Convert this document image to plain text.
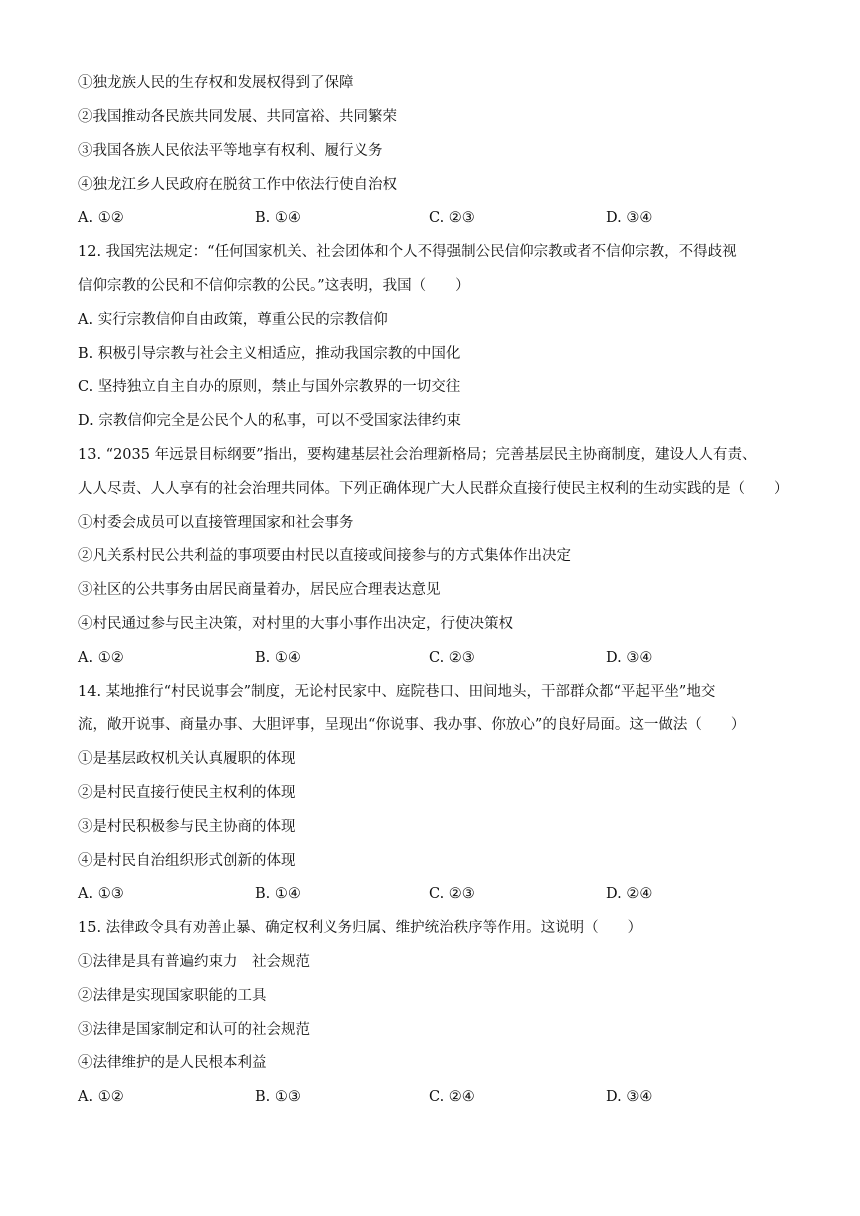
①独龙族人民的生存权和发展权得到了保障
②我国推动各民族共同发展、共同富裕、共同繁荣
③我国各族人民依法平等地享有权利、履行义务
④独龙江乡人民政府在脱贫工作中依法行使自治权
A. ①②	B. ①④	C. ②③	D. ③④
12. 我国宪法规定：“任何国家机关、社会团体和个人不得强制公民信仰宗教或者不信仰宗教，不得歧视
信仰宗教的公民和不信仰宗教的公民。”这表明，我国（　　）
A. 实行宗教信仰自由政策，尊重公民的宗教信仰
B. 积极引导宗教与社会主义相适应，推动我国宗教的中国化
C. 坚持独立自主自办的原则，禁止与国外宗教界的一切交往
D. 宗教信仰完全是公民个人的私事，可以不受国家法律约束
13. “2035 年远景目标纲要”指出，要构建基层社会治理新格局；完善基层民主协商制度，建设人人有责、
人人尽责、人人享有的社会治理共同体。下列正确体现广大人民群众直接行使民主权利的生动实践的是（　　）
①村委会成员可以直接管理国家和社会事务
②凡关系村民公共利益的事项要由村民以直接或间接参与的方式集体作出决定
③社区的公共事务由居民商量着办，居民应合理表达意见
④村民通过参与民主决策，对村里的大事小事作出决定，行使决策权
A. ①②	B. ①④	C. ②③	D. ③④
14. 某地推行“村民说事会”制度，无论村民家中、庭院巷口、田间地头，干部群众都“平起平坐”地交
流，敞开说事、商量办事、大胆评事，呈现出“你说事、我办事、你放心”的良好局面。这一做法（　　）
①是基层政权机关认真履职的体现
②是村民直接行使民主权利的体现
③是村民积极参与民主协商的体现
④是村民自治组织形式创新的体现
A. ①③	B. ①④	C. ②③	D. ②④
15. 法律政令具有劝善止暴、确定权利义务归属、维护统治秩序等作用。这说明（　　）
①法律是具有普遍约束力　社会规范
②法律是实现国家职能的工具
③法律是国家制定和认可的社会规范
④法律维护的是人民根本利益
A. ①②	B. ①③	C. ②④	D. ③④
